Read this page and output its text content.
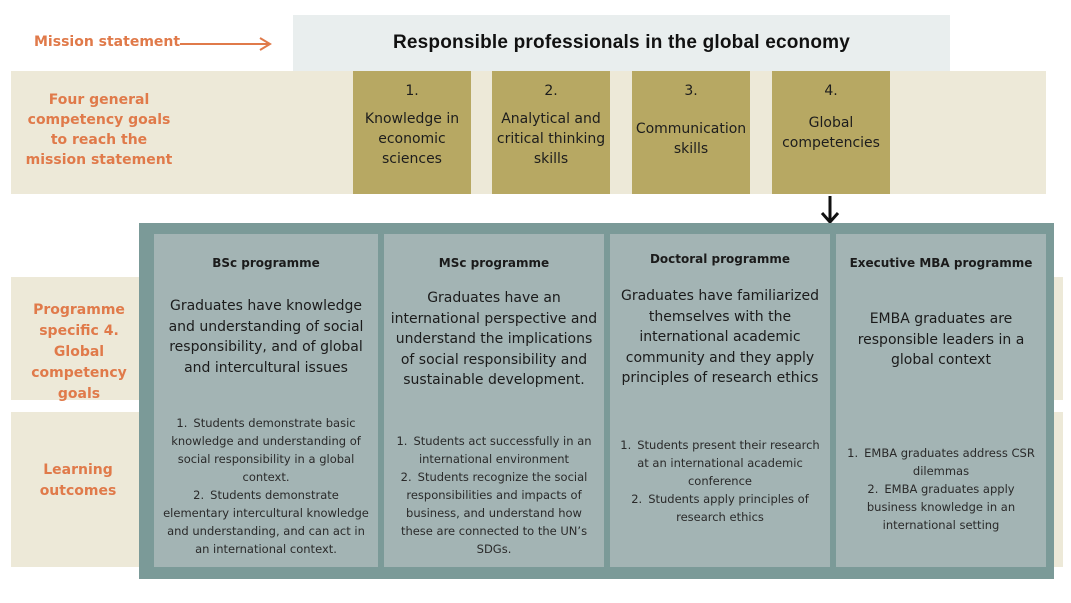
Mission statement	Responsible professionals in the global economy
Four general competency goals to reach the mission statement
1.
Knowledge in economic sciences
2.
Analytical and critical thinking skills
3.
Communication skills
4.
Global competencies
Programme specific 4. Global competency goals
Learning outcomes
BSc programme
Graduates have knowledge and understanding of social responsibility, and of global and intercultural issues
1. Students demonstrate basic knowledge and understanding of social responsibility in a global context.
2. Students demonstrate elementary intercultural knowledge and understanding, and can act in an international context.
MSc programme
Graduates have an international perspective and understand the implications of social responsibility and sustainable development.
1. Students act successfully in an international environment
2. Students recognize the social responsibilities and impacts of business, and understand how these are connected to the UN’s SDGs.
Doctoral programme
Graduates have familiarized themselves with the international academic community and they apply principles of research ethics
1. Students present their research at an international academic conference
2. Students apply principles of research ethics
Executive MBA programme
EMBA graduates are responsible leaders in a global context
1. EMBA graduates address CSR dilemmas
2. EMBA graduates apply business knowledge in an international setting
